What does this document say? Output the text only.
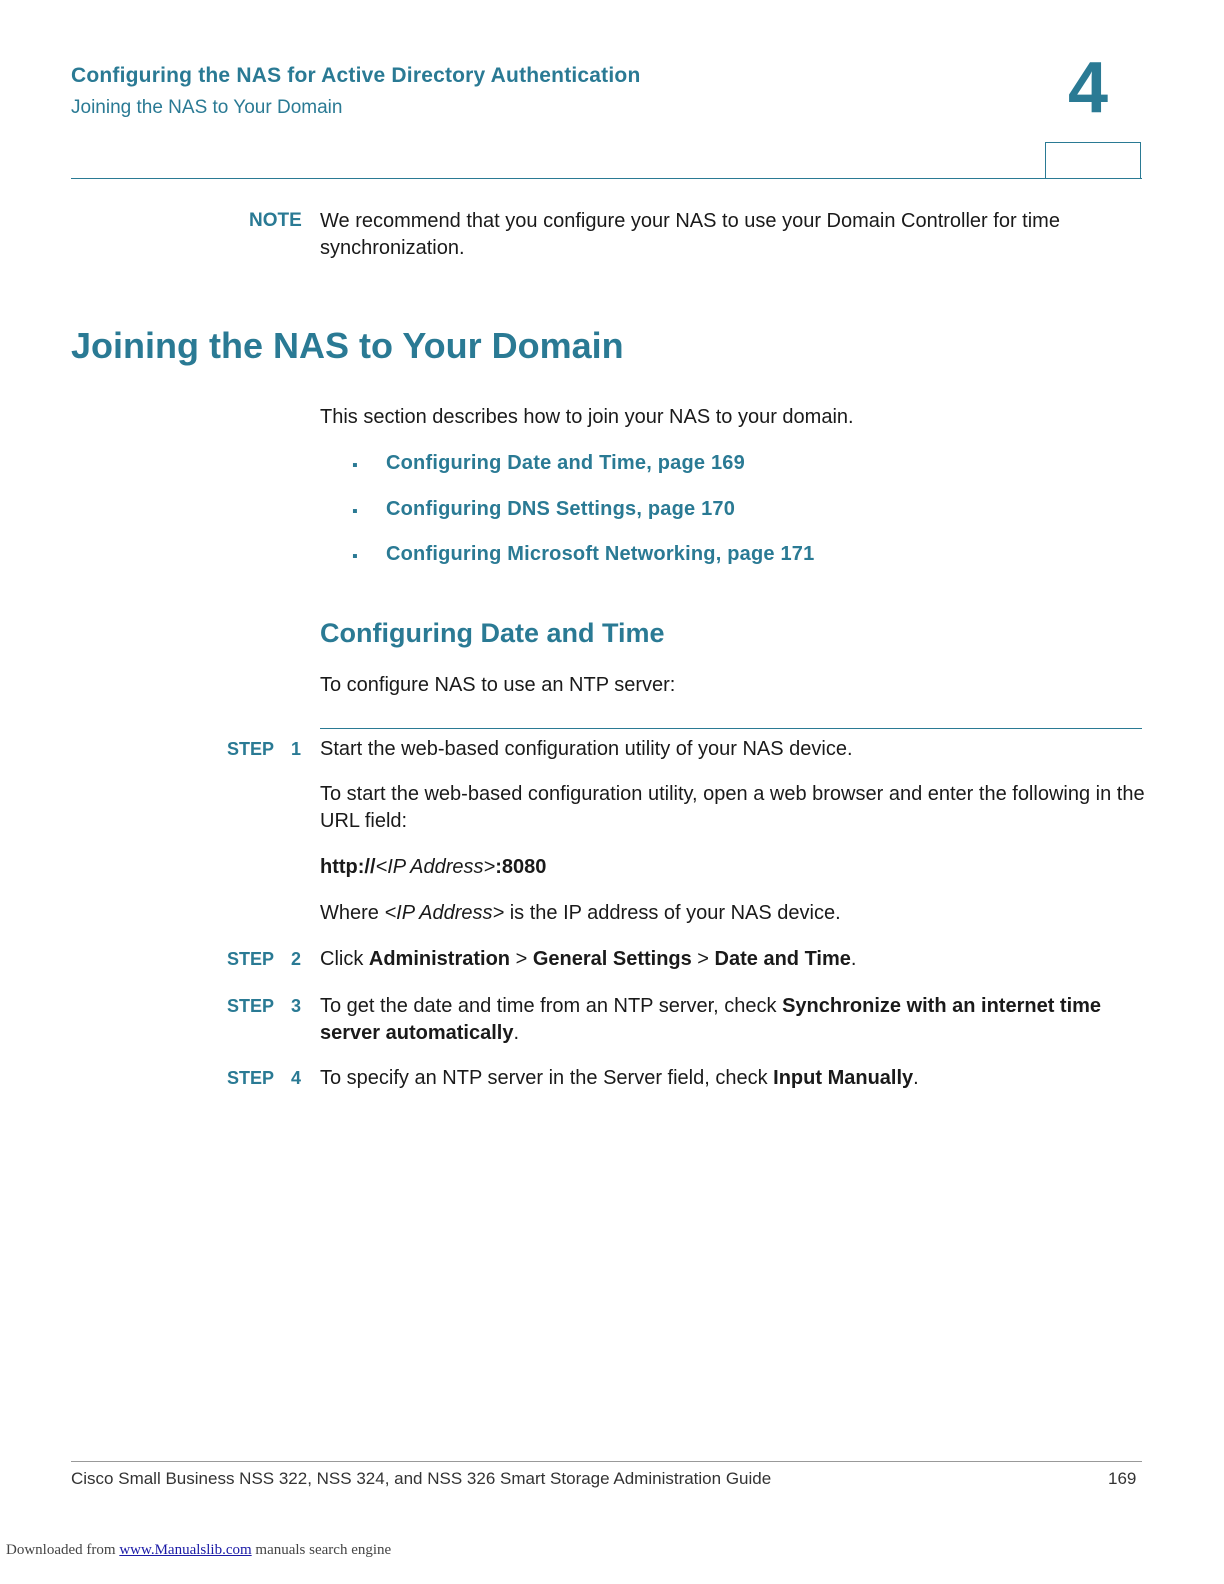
Configuring the NAS for Active Directory Authentication
Joining the NAS to Your Domain	4
NOTE We recommend that you configure your NAS to use your Domain Controller for time synchronization.
Joining the NAS to Your Domain
This section describes how to join your NAS to your domain.
▪	Configuring Date and Time, page 169
▪	Configuring DNS Settings, page 170
▪	Configuring Microsoft Networking, page 171
Configuring Date and Time
To configure NAS to use an NTP server:
STEP 1 Start the web-based configuration utility of your NAS device.
To start the web-based configuration utility, open a web browser and enter the following in the URL field:
http://<IP Address>:8080
Where <IP Address> is the IP address of your NAS device.
STEP 2 Click Administration > General Settings > Date and Time.
STEP 3 To get the date and time from an NTP server, check Synchronize with an internet time server automatically.
STEP 4 To specify an NTP server in the Server field, check Input Manually.
Cisco Small Business NSS 322, NSS 324, and NSS 326 Smart Storage Administration Guide	169
Downloaded from www.Manualslib.com manuals search engine
